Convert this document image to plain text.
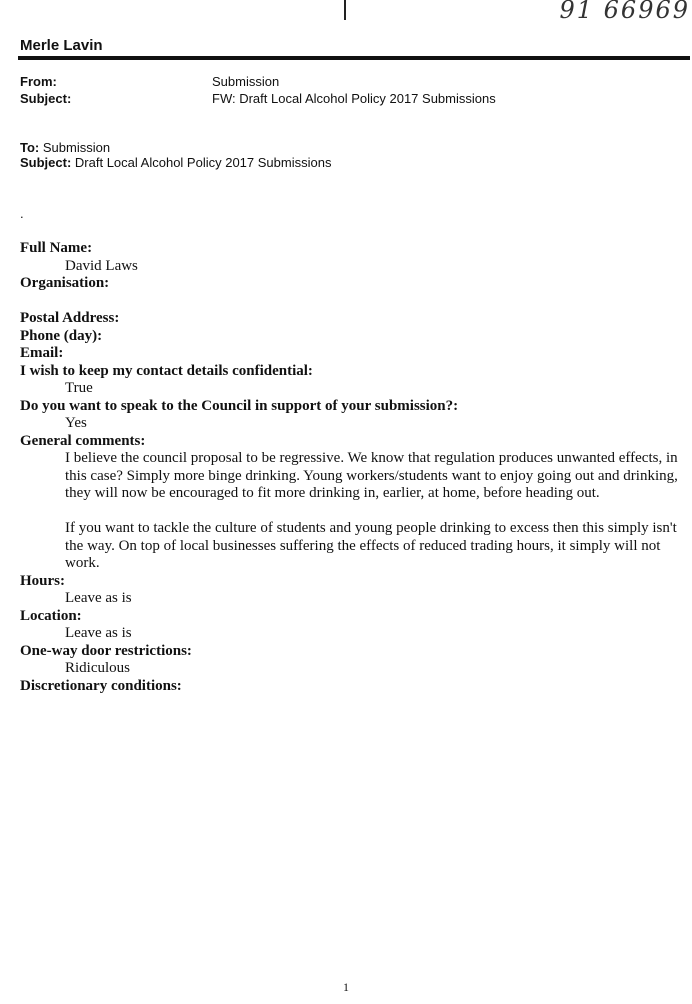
91 66969
Merle Lavin
From:	Submission
Subject:	FW: Draft Local Alcohol Policy 2017 Submissions
To: Submission
Subject: Draft Local Alcohol Policy 2017 Submissions
.
Full Name:
David Laws
Organisation:
Postal Address:
Phone (day):
Email:
I wish to keep my contact details confidential:
True
Do you want to speak to the Council in support of your submission?:
Yes
General comments:
I believe the council proposal to be regressive. We know that regulation produces unwanted effects, in this case? Simply more binge drinking. Young workers/students want to enjoy going out and drinking, they will now be encouraged to fit more drinking in, earlier, at home, before heading out.
If you want to tackle the culture of students and young people drinking to excess then this simply isn't the way. On top of local businesses suffering the effects of reduced trading hours, it simply will not work.
Hours:
Leave as is
Location:
Leave as is
One-way door restrictions:
Ridiculous
Discretionary conditions:
1
